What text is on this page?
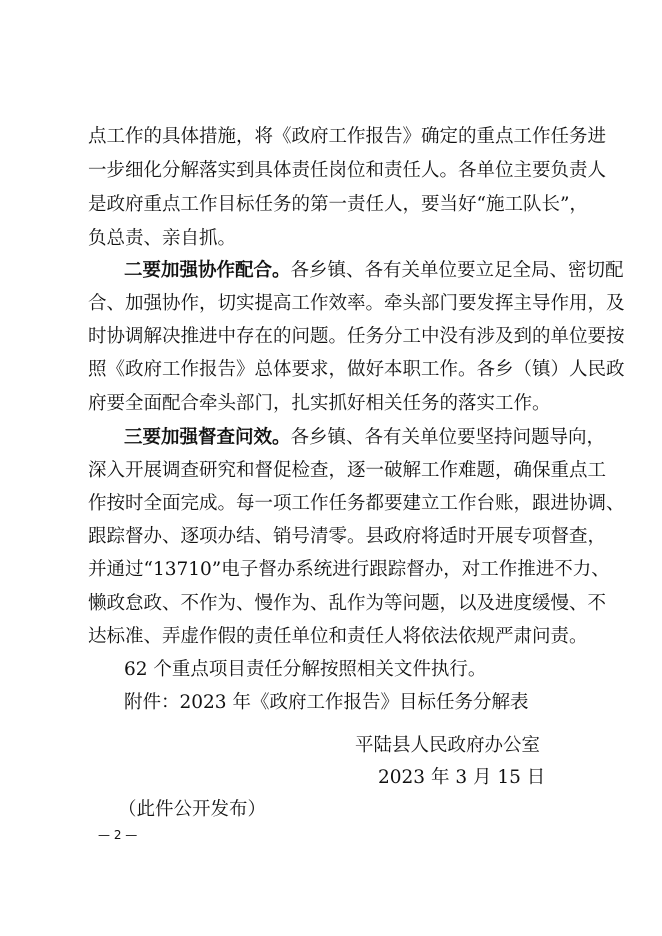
点工作的具体措施，将《政府工作报告》确定的重点工作任务进
一步细化分解落实到具体责任岗位和责任人。各单位主要负责人
是政府重点工作目标任务的第一责任人，要当好“施工队长”，
负总责、亲自抓。
二要加强协作配合。各乡镇、各有关单位要立足全局、密切配
合、加强协作，切实提高工作效率。牵头部门要发挥主导作用，及
时协调解决推进中存在的问题。任务分工中没有涉及到的单位要按
照《政府工作报告》总体要求，做好本职工作。各乡（镇）人民政
府要全面配合牵头部门，扎实抓好相关任务的落实工作。
三要加强督查问效。各乡镇、各有关单位要坚持问题导向，
深入开展调查研究和督促检查，逐一破解工作难题，确保重点工
作按时全面完成。每一项工作任务都要建立工作台账，跟进协调、
跟踪督办、逐项办结、销号清零。县政府将适时开展专项督查，
并通过“13710”电子督办系统进行跟踪督办，对工作推进不力、
懒政怠政、不作为、慢作为、乱作为等问题，以及进度缓慢、不
达标准、弄虚作假的责任单位和责任人将依法依规严肃问责。
62 个重点项目责任分解按照相关文件执行。
附件：2023 年《政府工作报告》目标任务分解表
平陆县人民政府办公室
2023 年 3 月 15 日
（此件公开发布）
— 2 —
